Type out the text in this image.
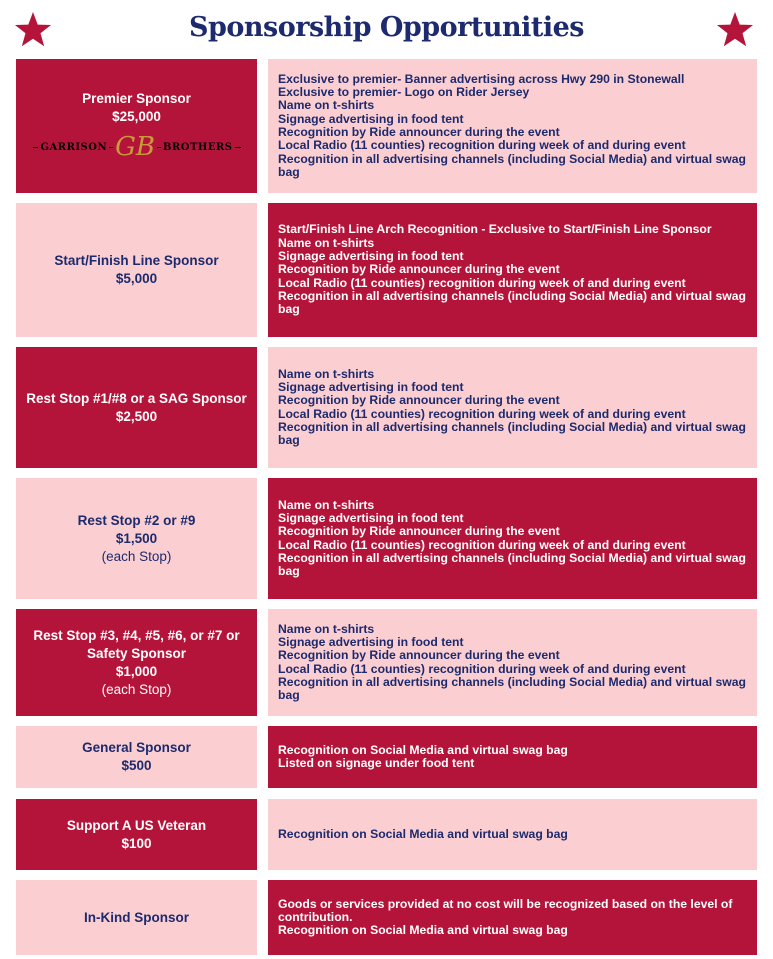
Sponsorship Opportunities
Premier Sponsor
$25,000
GARRISON GB BROTHERS
Exclusive to premier- Banner advertising across Hwy 290 in Stonewall
Exclusive to premier- Logo on Rider Jersey
Name on t-shirts
Signage advertising in food tent
Recognition by Ride announcer during the event
Local Radio (11 counties) recognition during week of and during event
Recognition in all advertising channels (including Social Media) and virtual swag bag
Start/Finish Line Sponsor
$5,000
Start/Finish Line Arch Recognition - Exclusive to Start/Finish Line Sponsor
Name on t-shirts
Signage advertising in food tent
Recognition by Ride announcer during the event
Local Radio (11 counties) recognition during week of and during event
Recognition in all advertising channels (including Social Media) and virtual swag bag
Rest Stop #1/#8 or a SAG Sponsor
$2,500
Name on t-shirts
Signage advertising in food tent
Recognition by Ride announcer during the event
Local Radio (11 counties) recognition during week of and during event
Recognition in all advertising channels (including Social Media) and virtual swag bag
Rest Stop #2 or #9
$1,500
(each Stop)
Name on t-shirts
Signage advertising in food tent
Recognition by Ride announcer during the event
Local Radio (11 counties) recognition during week of and during event
Recognition in all advertising channels (including Social Media) and virtual swag bag
Rest Stop #3, #4, #5, #6, or #7 or
Safety Sponsor
$1,000
(each Stop)
Name on t-shirts
Signage advertising in food tent
Recognition by Ride announcer during the event
Local Radio (11 counties) recognition during week of and during event
Recognition in all advertising channels (including Social Media) and virtual swag bag
General Sponsor
$500
Recognition on Social Media and virtual swag bag
Listed on signage under food tent
Support A US Veteran
$100
Recognition on Social Media and virtual swag bag
In-Kind Sponsor
Goods or services provided at no cost will be recognized based on the level of contribution.
Recognition on Social Media and virtual swag bag
